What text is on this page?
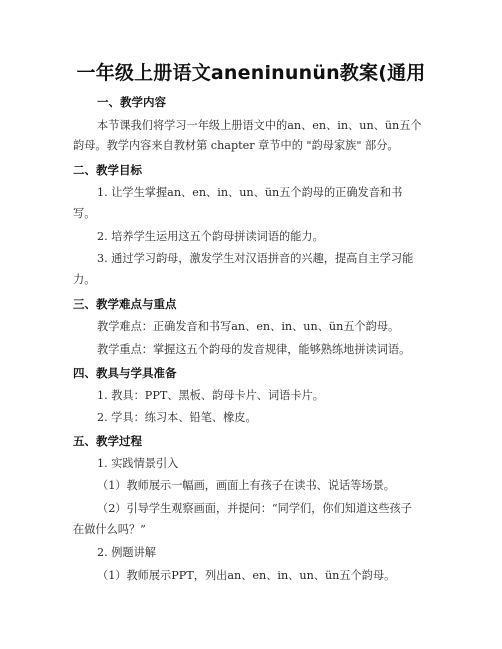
一年级上册语文aneninunün教案(通用
一、教学内容
本节课我们将学习一年级上册语文中的an、en、in、un、ün五个
韵母。教学内容来自教材第 chapter 章节中的 "韵母家族" 部分。
二、教学目标
1. 让学生掌握an、en、in、un、ün五个韵母的正确发音和书
写。
2. 培养学生运用这五个韵母拼读词语的能力。
3. 通过学习韵母，激发学生对汉语拼音的兴趣，提高自主学习能
力。
三、教学难点与重点
教学难点：正确发音和书写an、en、in、un、ün五个韵母。
教学重点：掌握这五个韵母的发音规律，能够熟练地拼读词语。
四、教具与学具准备
1. 教具：PPT、黑板、韵母卡片、词语卡片。
2. 学具：练习本、铅笔、橡皮。
五、教学过程
1. 实践情景引入
（1）教师展示一幅画，画面上有孩子在读书、说话等场景。
（2）引导学生观察画面，并提问：“同学们，你们知道这些孩子
在做什么吗？”
2. 例题讲解
（1）教师展示PPT，列出an、en、in、un、ün五个韵母。
